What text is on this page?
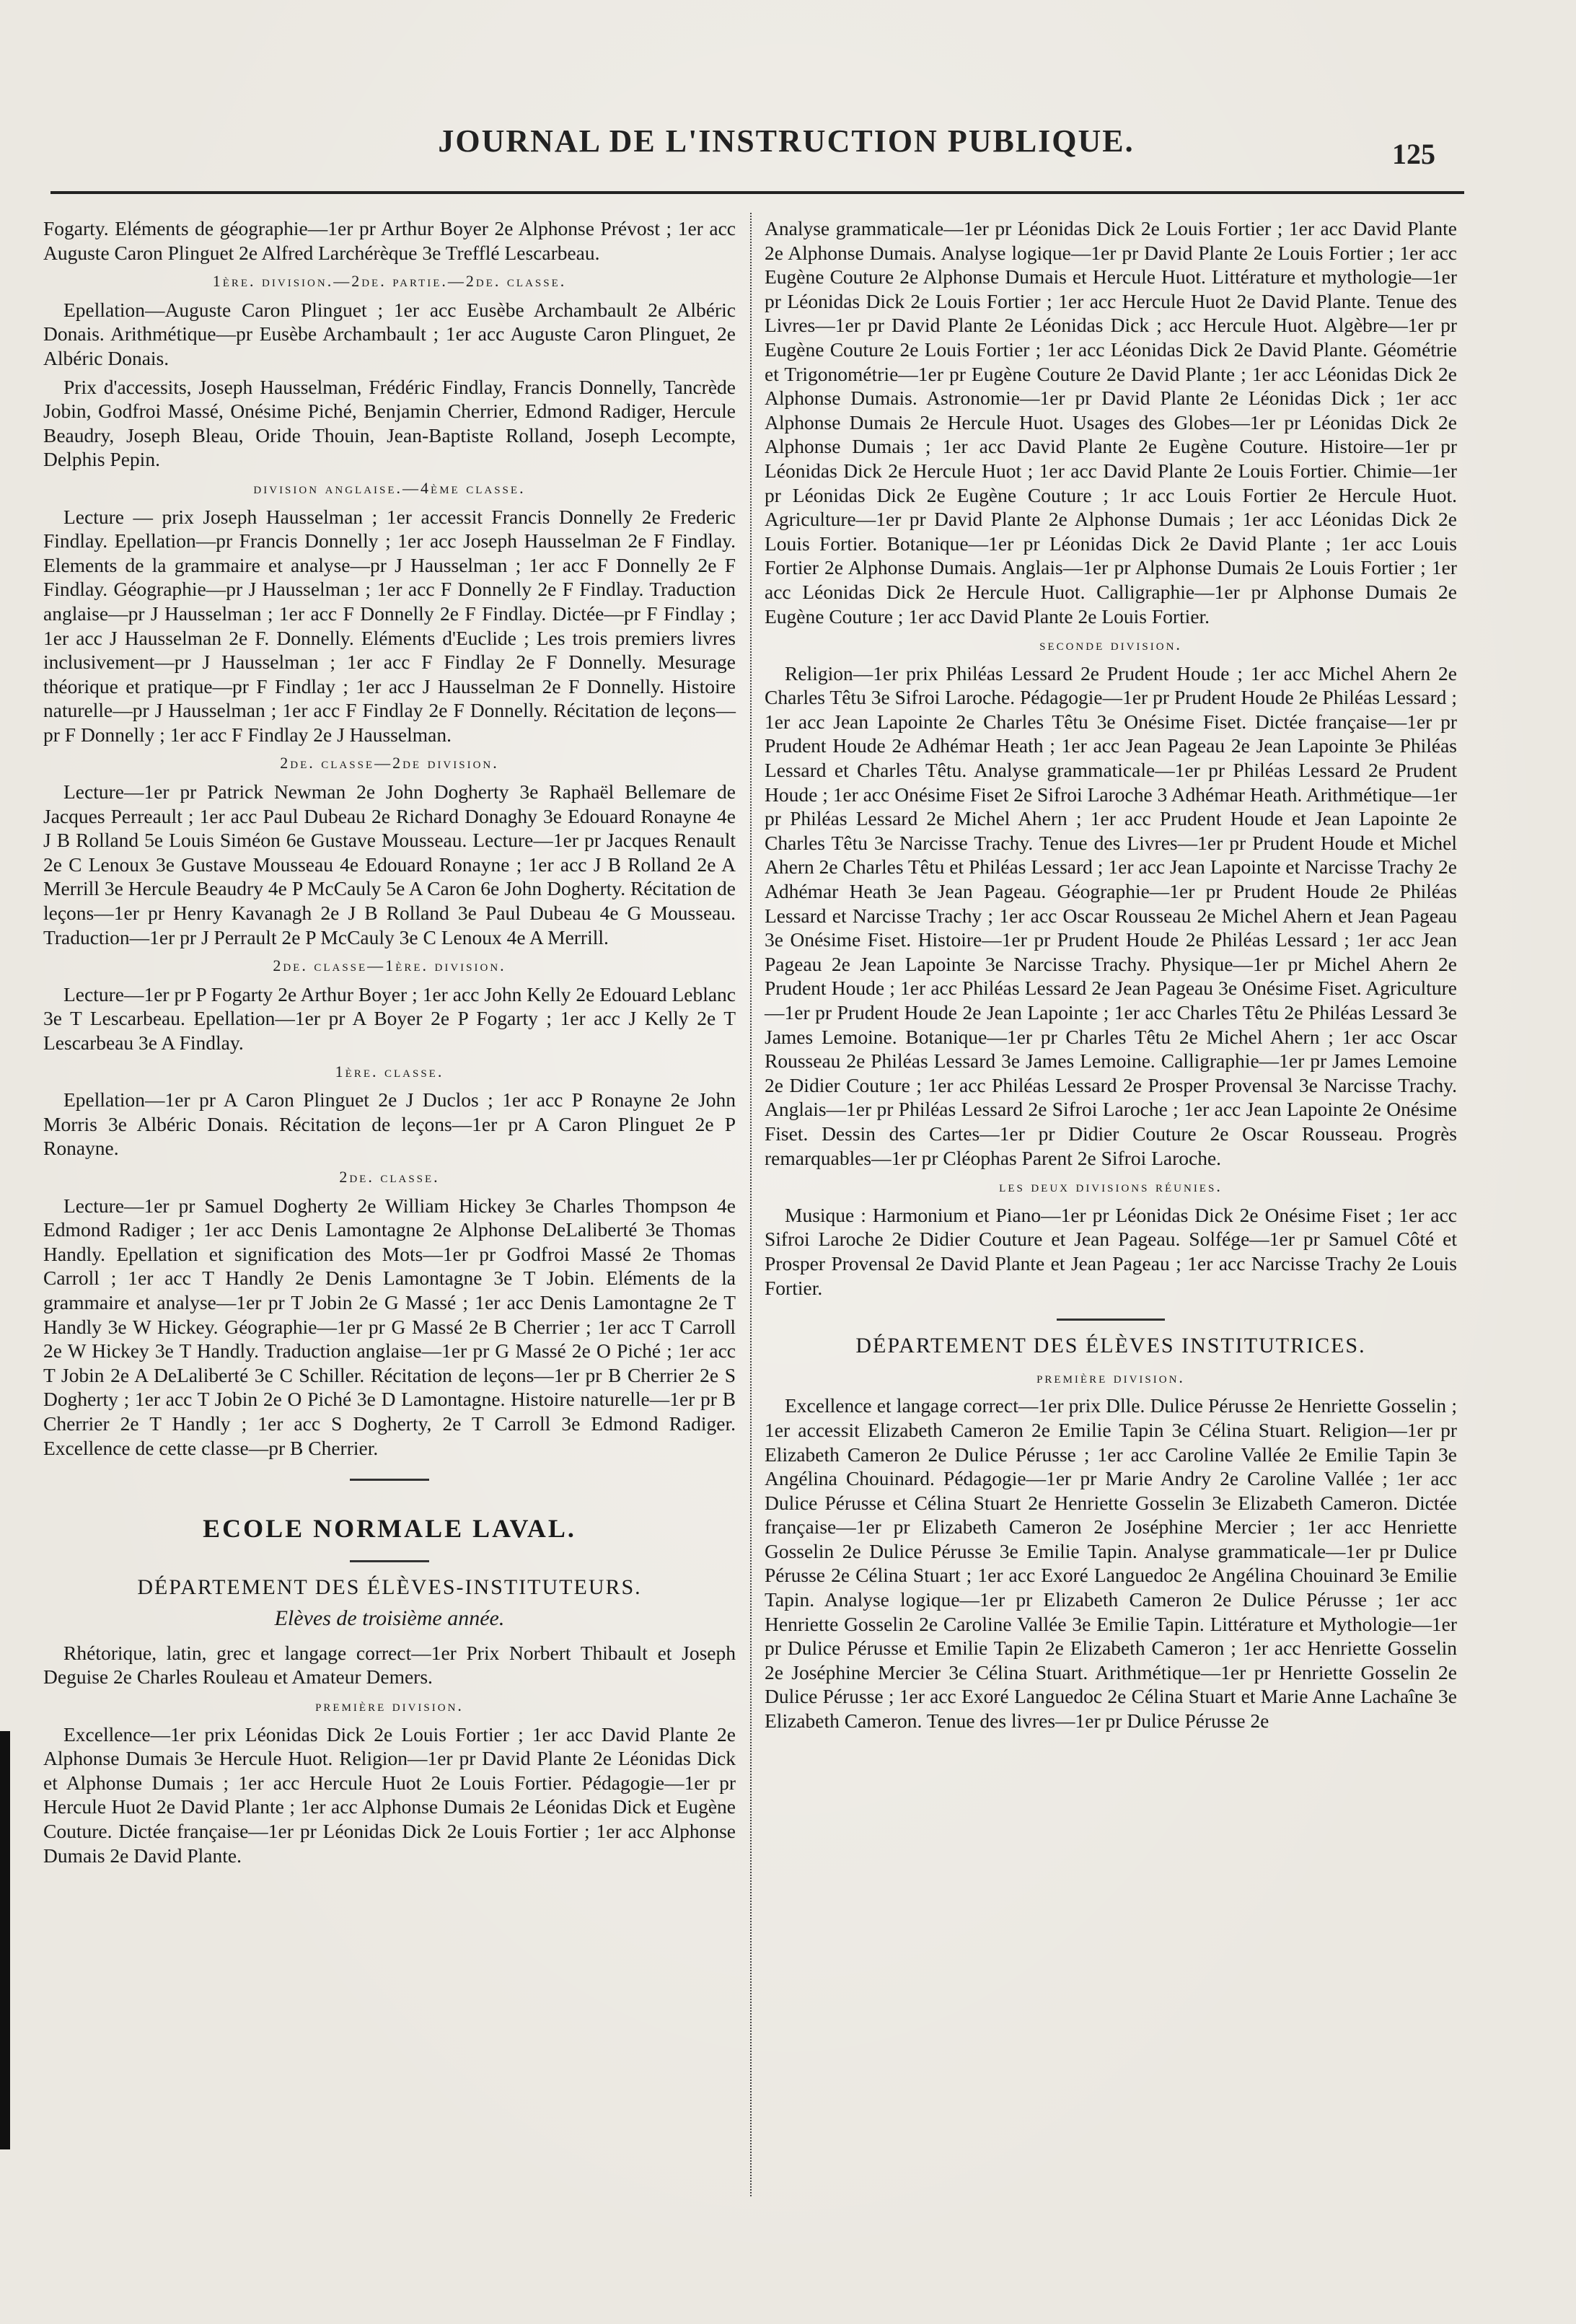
JOURNAL DE L'INSTRUCTION PUBLIQUE.	125

Fogarty. Eléments de géographie—1er pr Arthur Boyer 2e Alphonse Prévost ; 1er acc Auguste Caron Plinguet 2e Alfred Larchérèque 3e Trefflé Lescarbeau.

1ère. division.—2de. partie.—2de. classe.

Epellation—Auguste Caron Plinguet ; 1er acc Eusèbe Archambault 2e Albéric Donais. Arithmétique—pr Eusèbe Archambault ; 1er acc Auguste Caron Plinguet, 2e Albéric Donais.

Prix d'accessits, Joseph Hausselman, Frédéric Findlay, Francis Donnelly, Tancrède Jobin, Godfroi Massé, Onésime Piché, Benjamin Cherrier, Edmond Radiger, Hercule Beaudry, Joseph Bleau, Oride Thouin, Jean-Baptiste Rolland, Joseph Lecompte, Delphis Pepin.

division anglaise.—4ème classe.

Lecture — prix Joseph Hausselman ; 1er accessit Francis Donnelly 2e Frederic Findlay. Epellation—pr Francis Donnelly ; 1er acc Joseph Hausselman 2e F Findlay. Elements de la grammaire et analyse—pr J Hausselman ; 1er acc F Donnelly 2e F Findlay. Géographie—pr J Hausselman ; 1er acc F Donnelly 2e F Findlay. Traduction anglaise—pr J Hausselman ; 1er acc F Donnelly 2e F Findlay. Dictée—pr F Findlay ; 1er acc J Hausselman 2e F. Donnelly. Eléments d'Euclide ; Les trois premiers livres inclusivement—pr J Hausselman ; 1er acc F Findlay 2e F Donnelly. Mesurage théorique et pratique—pr F Findlay ; 1er acc J Hausselman 2e F Donnelly. Histoire naturelle—pr J Hausselman ; 1er acc F Findlay 2e F Donnelly. Récitation de leçons—pr F Donnelly ; 1er acc F Findlay 2e J Hausselman.

2de. classe—2de division.

Lecture—1er pr Patrick Newman 2e John Dogherty 3e Raphaël Bellemare de Jacques Perreault ; 1er acc Paul Dubeau 2e Richard Donaghy 3e Edouard Ronayne 4e J B Rolland 5e Louis Siméon 6e Gustave Mousseau. Lecture—1er pr Jacques Renault 2e C Lenoux 3e Gustave Mousseau 4e Edouard Ronayne ; 1er acc J B Rolland 2e A Merrill 3e Hercule Beaudry 4e P McCauly 5e A Caron 6e John Dogherty. Récitation de leçons—1er pr Henry Kavanagh 2e J B Rolland 3e Paul Dubeau 4e G Mousseau. Traduction—1er pr J Perrault 2e P McCauly 3e C Lenoux 4e A Merrill.

2de. classe—1ère. division.

Lecture—1er pr P Fogarty 2e Arthur Boyer ; 1er acc John Kelly 2e Edouard Leblanc 3e T Lescarbeau. Epellation—1er pr A Boyer 2e P Fogarty ; 1er acc J Kelly 2e T Lescarbeau 3e A Findlay.

1ère. classe.

Epellation—1er pr A Caron Plinguet 2e J Duclos ; 1er acc P Ronayne 2e John Morris 3e Albéric Donais. Récitation de leçons—1er pr A Caron Plinguet 2e P Ronayne.

2de. classe.

Lecture—1er pr Samuel Dogherty 2e William Hickey 3e Charles Thompson 4e Edmond Radiger ; 1er acc Denis Lamontagne 2e Alphonse DeLaliberté 3e Thomas Handly. Epellation et signification des Mots—1er pr Godfroi Massé 2e Thomas Carroll ; 1er acc T Handly 2e Denis Lamontagne 3e T Jobin. Eléments de la grammaire et analyse—1er pr T Jobin 2e G Massé ; 1er acc Denis Lamontagne 2e T Handly 3e W Hickey. Géographie—1er pr G Massé 2e B Cherrier ; 1er acc T Carroll 2e W Hickey 3e T Handly. Traduction anglaise—1er pr G Massé 2e O Piché ; 1er acc T Jobin 2e A DeLaliberté 3e C Schiller. Récitation de leçons—1er pr B Cherrier 2e S Dogherty ; 1er acc T Jobin 2e O Piché 3e D Lamontagne. Histoire naturelle—1er pr B Cherrier 2e T Handly ; 1er acc S Dogherty, 2e T Carroll 3e Edmond Radiger. Excellence de cette classe—pr B Cherrier.

ECOLE NORMALE LAVAL.
DÉPARTEMENT DES ÉLÈVES-INSTITUTEURS.
Elèves de troisième année.

Rhétorique, latin, grec et langage correct—1er Prix Norbert Thibault et Joseph Deguise 2e Charles Rouleau et Amateur Demers.

première division.

Excellence—1er prix Léonidas Dick 2e Louis Fortier ; 1er acc David Plante 2e Alphonse Dumais 3e Hercule Huot. Religion—1er pr David Plante 2e Léonidas Dick et Alphonse Dumais ; 1er acc Hercule Huot 2e Louis Fortier. Pédagogie—1er pr Hercule Huot 2e David Plante ; 1er acc Alphonse Dumais 2e Léonidas Dick et Eugène Couture. Dictée française—1er pr Léonidas Dick 2e Louis Fortier ; 1er acc Alphonse Dumais 2e David Plante.

Analyse grammaticale—1er pr Léonidas Dick 2e Louis Fortier ; 1er acc David Plante 2e Alphonse Dumais. Analyse logique—1er pr David Plante 2e Louis Fortier ; 1er acc Eugène Couture 2e Alphonse Dumais et Hercule Huot. Littérature et mythologie—1er pr Léonidas Dick 2e Louis Fortier ; 1er acc Hercule Huot 2e David Plante. Tenue des Livres—1er pr David Plante 2e Léonidas Dick ; acc Hercule Huot. Algèbre—1er pr Eugène Couture 2e Louis Fortier ; 1er acc Léonidas Dick 2e David Plante. Géométrie et Trigonométrie—1er pr Eugène Couture 2e David Plante ; 1er acc Léonidas Dick 2e Alphonse Dumais. Astronomie—1er pr David Plante 2e Léonidas Dick ; 1er acc Alphonse Dumais 2e Hercule Huot. Usages des Globes—1er pr Léonidas Dick 2e Alphonse Dumais ; 1er acc David Plante 2e Eugène Couture. Histoire—1er pr Léonidas Dick 2e Hercule Huot ; 1er acc David Plante 2e Louis Fortier. Chimie—1er pr Léonidas Dick 2e Eugène Couture ; 1r acc Louis Fortier 2e Hercule Huot. Agriculture—1er pr David Plante 2e Alphonse Dumais ; 1er acc Léonidas Dick 2e Louis Fortier. Botanique—1er pr Léonidas Dick 2e David Plante ; 1er acc Louis Fortier 2e Alphonse Dumais. Anglais—1er pr Alphonse Dumais 2e Louis Fortier ; 1er acc Léonidas Dick 2e Hercule Huot. Calligraphie—1er pr Alphonse Dumais 2e Eugène Couture ; 1er acc David Plante 2e Louis Fortier.

seconde division.

Religion—1er prix Philéas Lessard 2e Prudent Houde ; 1er acc Michel Ahern 2e Charles Têtu 3e Sifroi Laroche. Pédagogie—1er pr Prudent Houde 2e Philéas Lessard ; 1er acc Jean Lapointe 2e Charles Têtu 3e Onésime Fiset. Dictée française—1er pr Prudent Houde 2e Adhémar Heath ; 1er acc Jean Pageau 2e Jean Lapointe 3e Philéas Lessard et Charles Têtu. Analyse grammaticale—1er pr Philéas Lessard 2e Prudent Houde ; 1er acc Onésime Fiset 2e Sifroi Laroche 3 Adhémar Heath. Arithmétique—1er pr Philéas Lessard 2e Michel Ahern ; 1er acc Prudent Houde et Jean Lapointe 2e Charles Têtu 3e Narcisse Trachy. Tenue des Livres—1er pr Prudent Houde et Michel Ahern 2e Charles Têtu et Philéas Lessard ; 1er acc Jean Lapointe et Narcisse Trachy 2e Adhémar Heath 3e Jean Pageau. Géographie—1er pr Prudent Houde 2e Philéas Lessard et Narcisse Trachy ; 1er acc Oscar Rousseau 2e Michel Ahern et Jean Pageau 3e Onésime Fiset. Histoire—1er pr Prudent Houde 2e Philéas Lessard ; 1er acc Jean Pageau 2e Jean Lapointe 3e Narcisse Trachy. Physique—1er pr Michel Ahern 2e Prudent Houde ; 1er acc Philéas Lessard 2e Jean Pageau 3e Onésime Fiset. Agriculture—1er pr Prudent Houde 2e Jean Lapointe ; 1er acc Charles Têtu 2e Philéas Lessard 3e James Lemoine. Botanique—1er pr Charles Têtu 2e Michel Ahern ; 1er acc Oscar Rousseau 2e Philéas Lessard 3e James Lemoine. Calligraphie—1er pr James Lemoine 2e Didier Couture ; 1er acc Philéas Lessard 2e Prosper Provensal 3e Narcisse Trachy. Anglais—1er pr Philéas Lessard 2e Sifroi Laroche ; 1er acc Jean Lapointe 2e Onésime Fiset. Dessin des Cartes—1er pr Didier Couture 2e Oscar Rousseau. Progrès remarquables—1er pr Cléophas Parent 2e Sifroi Laroche.

les deux divisions réunies.

Musique : Harmonium et Piano—1er pr Léonidas Dick 2e Onésime Fiset ; 1er acc Sifroi Laroche 2e Didier Couture et Jean Pageau. Solfége—1er pr Samuel Côté et Prosper Provensal 2e David Plante et Jean Pageau ; 1er acc Narcisse Trachy 2e Louis Fortier.

DÉPARTEMENT DES ÉLÈVES INSTITUTRICES.
première division.

Excellence et langage correct—1er prix Dlle. Dulice Pérusse 2e Henriette Gosselin ; 1er accessit Elizabeth Cameron 2e Emilie Tapin 3e Célina Stuart. Religion—1er pr Elizabeth Cameron 2e Dulice Pérusse ; 1er acc Caroline Vallée 2e Emilie Tapin 3e Angélina Chouinard. Pédagogie—1er pr Marie Andry 2e Caroline Vallée ; 1er acc Dulice Pérusse et Célina Stuart 2e Henriette Gosselin 3e Elizabeth Cameron. Dictée française—1er pr Elizabeth Cameron 2e Joséphine Mercier ; 1er acc Henriette Gosselin 2e Dulice Pérusse 3e Emilie Tapin. Analyse grammaticale—1er pr Dulice Pérusse 2e Célina Stuart ; 1er acc Exoré Languedoc 2e Angélina Chouinard 3e Emilie Tapin. Analyse logique—1er pr Elizabeth Cameron 2e Dulice Pérusse ; 1er acc Henriette Gosselin 2e Caroline Vallée 3e Emilie Tapin. Littérature et Mythologie—1er pr Dulice Pérusse et Emilie Tapin 2e Elizabeth Cameron ; 1er acc Henriette Gosselin 2e Joséphine Mercier 3e Célina Stuart. Arithmétique—1er pr Henriette Gosselin 2e Dulice Pérusse ; 1er acc Exoré Languedoc 2e Célina Stuart et Marie Anne Lachaîne 3e Elizabeth Cameron. Tenue des livres—1er pr Dulice Pérusse 2e
